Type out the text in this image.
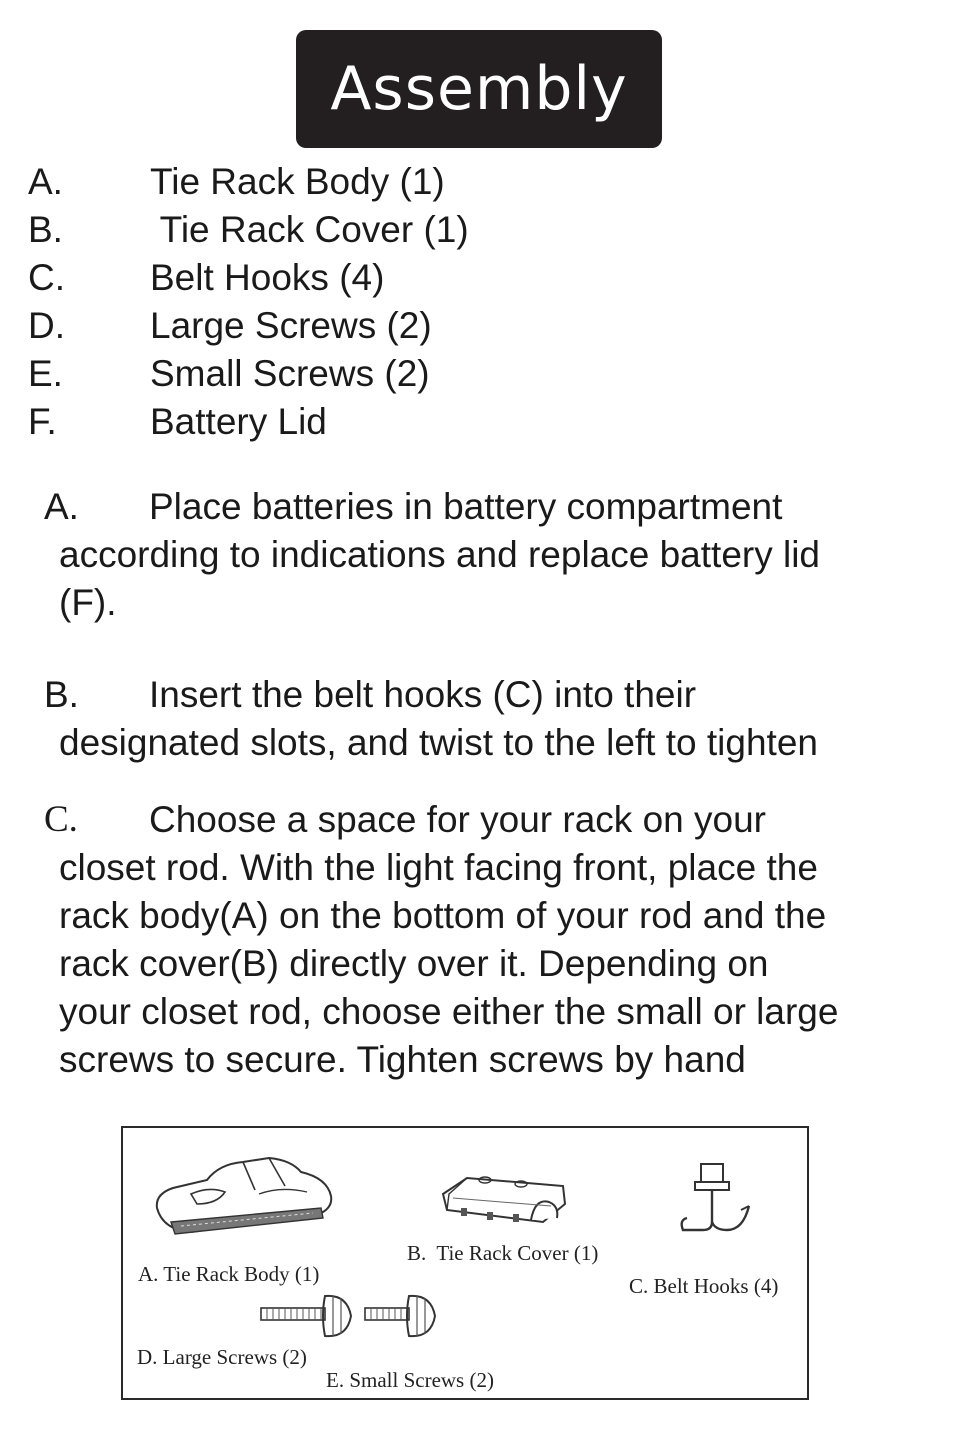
Assembly
A. Tie Rack Body (1)
B. Tie Rack Cover (1)
C. Belt Hooks (4)
D. Large Screws (2)
E. Small Screws (2)
F.	Battery Lid
A.	Place batteries in battery compartment
according to indications and replace battery lid
(F).
B.	Insert the belt hooks (C) into their
designated slots, and twist to the left to tighten
C.	Choose a space for your rack on your
closet rod. With the light facing front, place the
rack body(A) on the bottom of your rod and the
rack cover(B) directly over it. Depending on
your closet rod, choose either the small or large
screws to secure. Tighten screws by hand
A. Tie Rack Body (1)
B.  Tie Rack Cover (1)
C. Belt Hooks (4)
D. Large Screws (2)
E. Small Screws (2)
